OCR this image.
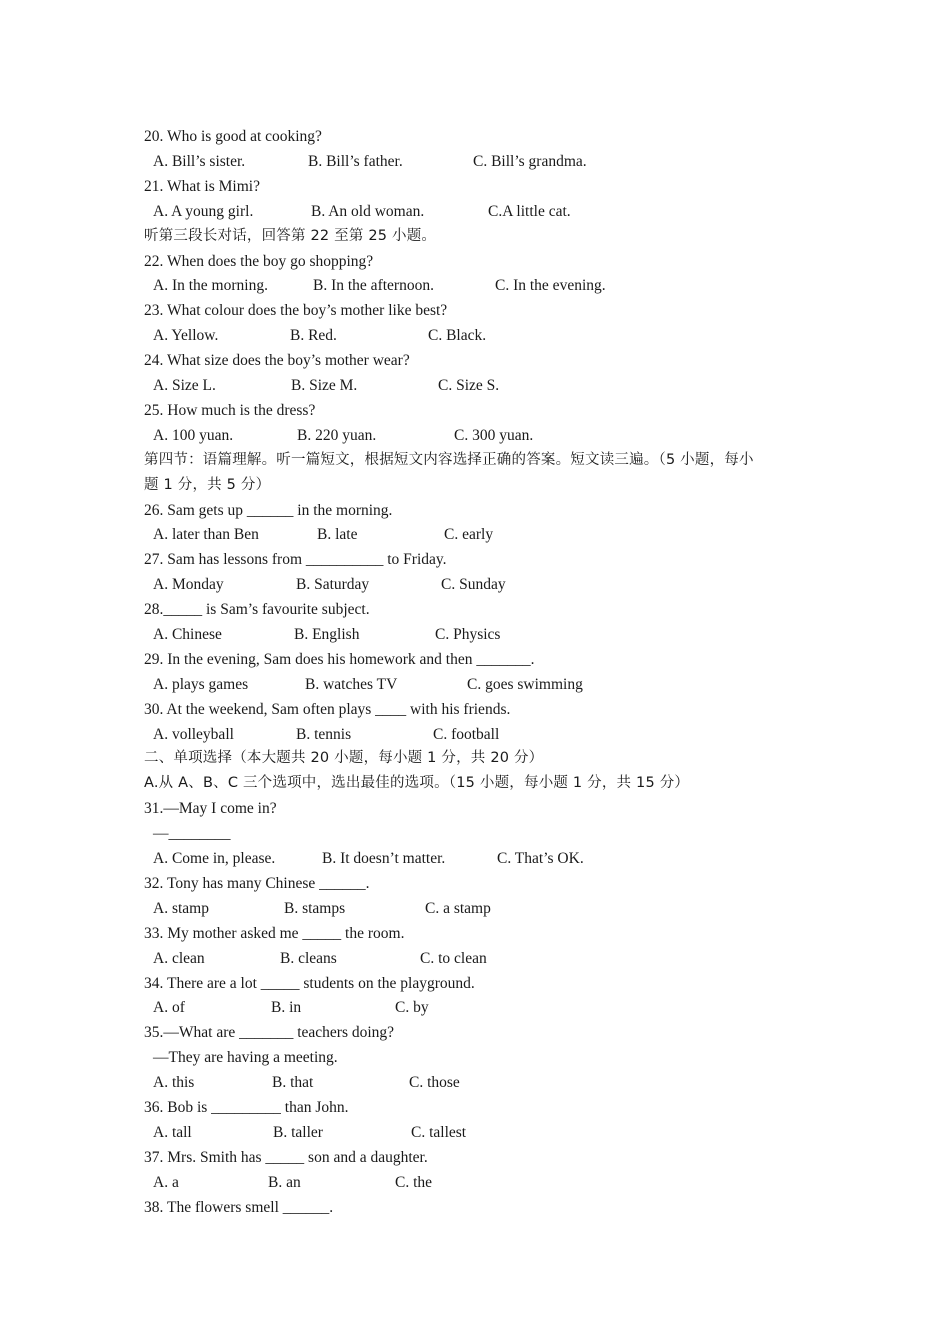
20. Who is good at cooking?
A. Bill’s sister.	B. Bill’s father.	C. Bill’s grandma.
21. What is Mimi?
A. A young girl.	B. An old woman.	C.A little cat.
听第三段长对话，回答第 22 至第 25 小题。
22. When does the boy go shopping?
A. In the morning.	B. In the afternoon.	C. In the evening.
23. What colour does the boy’s mother like best?
A. Yellow.	B. Red.	C. Black.
24. What size does the boy’s mother wear?
A. Size L.	B. Size M.	C. Size S.
25. How much is the dress?
A. 100 yuan.	B. 220 yuan.	C. 300 yuan.
第四节：语篇理解。听一篇短文，根据短文内容选择正确的答案。短文读三遍。（5 小题，每小
题 1 分，共 5 分）
26. Sam gets up ______ in the morning.
A. later than Ben	B. late	C. early
27. Sam has lessons from __________ to Friday.
A. Monday	B. Saturday	C. Sunday
28._____ is Sam’s favourite subject.
A. Chinese	B. English	C. Physics
29. In the evening, Sam does his homework and then _______.
A. plays games	B. watches TV	C. goes swimming
30. At the weekend, Sam often plays ____ with his friends.
A. volleyball	B. tennis	C. football
二、单项选择（本大题共 20 小题，每小题 1 分，共 20 分）
A.从 A、B、C 三个选项中，选出最佳的选项。（15 小题，每小题 1 分，共 15 分）
31.—May I come in?
—________
A. Come in, please.	B. It doesn’t matter.	C. That’s OK.
32. Tony has many Chinese ______.
A. stamp	B. stamps	C. a stamp
33. My mother asked me _____ the room.
A. clean	B. cleans	C. to clean
34. There are a lot _____ students on the playground.
A. of	B. in	C. by
35.—What are _______ teachers doing?
—They are having a meeting.
A. this	B. that	C. those
36. Bob is _________ than John.
A. tall	B. taller	C. tallest
37. Mrs. Smith has _____ son and a daughter.
A. a	B. an	C. the
38. The flowers smell ______.
